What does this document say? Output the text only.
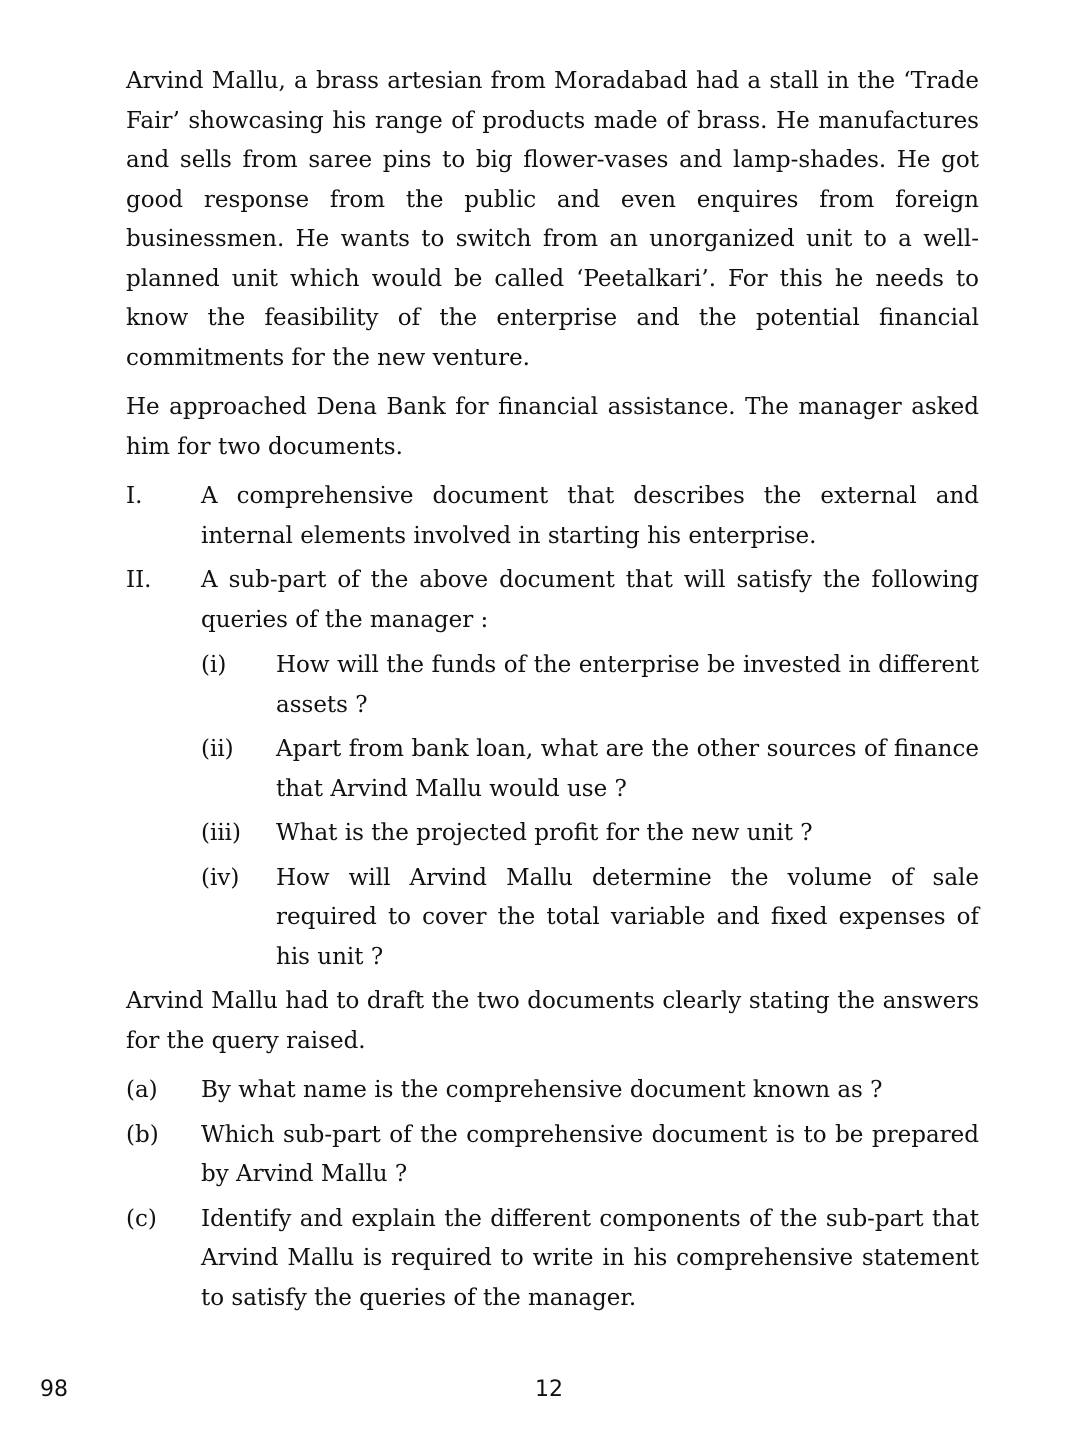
Arvind Mallu, a brass artesian from Moradabad had a stall in the ‘Trade Fair’ showcasing his range of products made of brass. He manufactures and sells from saree pins to big flower-vases and lamp-shades. He got good response from the public and even enquires from foreign businessmen. He wants to switch from an unorganized unit to a well-planned unit which would be called ‘Peetalkari’. For this he needs to know the feasibility of the enterprise and the potential financial commitments for the new venture.

He approached Dena Bank for financial assistance. The manager asked him for two documents.

I.	A comprehensive document that describes the external and internal elements involved in starting his enterprise.

II.	A sub-part of the above document that will satisfy the following queries of the manager :

(i)	How will the funds of the enterprise be invested in different assets ?

(ii)	Apart from bank loan, what are the other sources of finance that Arvind Mallu would use ?

(iii)	What is the projected profit for the new unit ?

(iv)	How will Arvind Mallu determine the volume of sale required to cover the total variable and fixed expenses of his unit ?

Arvind Mallu had to draft the two documents clearly stating the answers for the query raised.

(a)	By what name is the comprehensive document known as ?

(b)	Which sub-part of the comprehensive document is to be prepared by Arvind Mallu ?

(c)	Identify and explain the different components of the sub-part that Arvind Mallu is required to write in his comprehensive statement to satisfy the queries of the manager.

98	12
